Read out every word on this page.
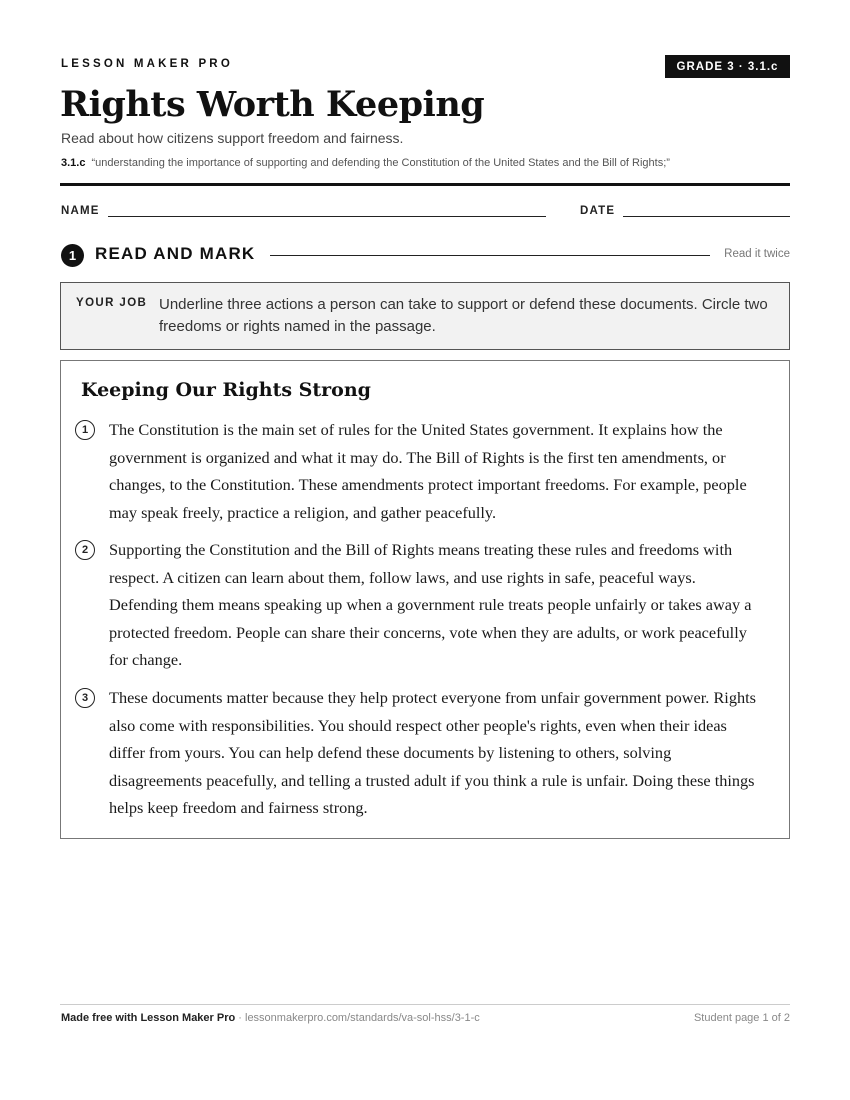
LESSON MAKER PRO	GRADE 3 · 3.1.c
Rights Worth Keeping
Read about how citizens support freedom and fairness.
3.1.c “understanding the importance of supporting and defending the Constitution of the United States and the Bill of Rights;”
NAME	DATE
1	READ AND MARK	Read it twice
YOUR JOB Underline three actions a person can take to support or defend these documents. Circle two freedoms or rights named in the passage.
Keeping Our Rights Strong
1	The Constitution is the main set of rules for the United States government. It explains how the government is organized and what it may do. The Bill of Rights is the first ten amendments, or changes, to the Constitution. These amendments protect important freedoms. For example, people may speak freely, practice a religion, and gather peacefully.

2	Supporting the Constitution and the Bill of Rights means treating these rules and freedoms with respect. A citizen can learn about them, follow laws, and use rights in safe, peaceful ways. Defending them means speaking up when a government rule treats people unfairly or takes away a protected freedom. People can share their concerns, vote when they are adults, or work peacefully for change.

3	These documents matter because they help protect everyone from unfair government power. Rights also come with responsibilities. You should respect other people's rights, even when their ideas differ from yours. You can help defend these documents by listening to others, solving disagreements peacefully, and telling a trusted adult if you think a rule is unfair. Doing these things helps keep freedom and fairness strong.

Made free with Lesson Maker Pro · lessonmakerpro.com/standards/va-sol-hss/3-1-c	Student page 1 of 2
